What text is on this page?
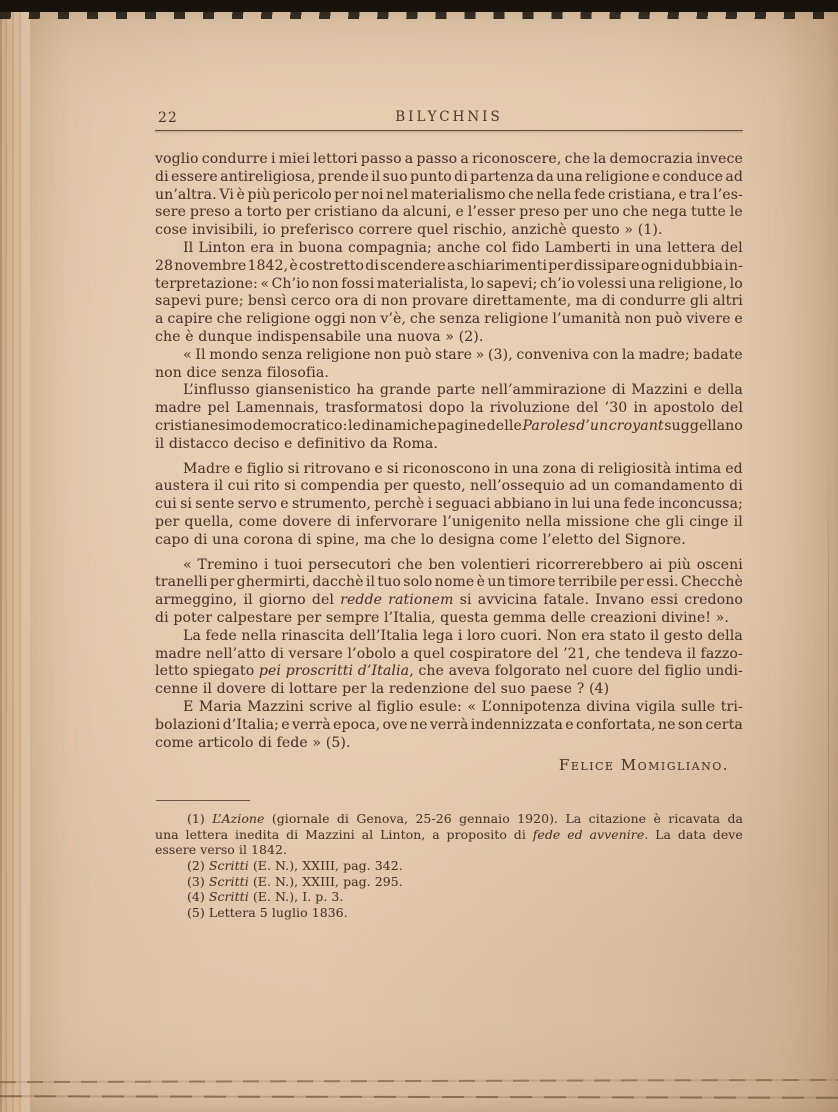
22	BILYCHNIS
voglio condurre i miei lettori passo a passo a riconoscere, che la democrazia invece
di essere antireligiosa, prende il suo punto di partenza da una religione e conduce ad
un’altra. Vi è più pericolo per noi nel materialismo che nella fede cristiana, e tra l’es-
sere preso a torto per cristiano da alcuni, e l’esser preso per uno che nega tutte le
cose invisibili, io preferisco correre quel rischio, anzichè questo » (1).
Il Linton era in buona compagnia; anche col fido Lamberti in una lettera del
28 novembre 1842, è costretto di scendere a schiarimenti per dissipare ogni dubbia in-
terpretazione: « Ch’io non fossi materialista, lo sapevi; ch’io volessi una religione, lo
sapevi pure; bensì cerco ora di non provare direttamente, ma di condurre gli altri
a capire che religione oggi non v’è, che senza religione l’umanità non può vivere e
che è dunque indispensabile una nuova » (2).
« Il mondo senza religione non può stare » (3), conveniva con la madre; badate
non dice senza filosofia.
L’influsso giansenistico ha grande parte nell’ammirazione di Mazzini e della
madre pel Lamennais, trasformatosi dopo la rivoluzione del ’30 in apostolo del
cristianesimo democratico: le dinamiche pagine delle Paroles d’un croyant suggellano
il distacco deciso e definitivo da Roma.
Madre e figlio si ritrovano e si riconoscono in una zona di religiosità intima ed
austera il cui rito si compendia per questo, nell’ossequio ad un comandamento di
cui si sente servo e strumento, perchè i seguaci abbiano in lui una fede inconcussa;
per quella, come dovere di infervorare l’unigenito nella missione che gli cinge il
capo di una corona di spine, ma che lo designa come l’eletto del Signore.
« Tremino i tuoi persecutori che ben volentieri ricorrerebbero ai più osceni
tranelli per ghermirti, dacchè il tuo solo nome è un timore terribile per essi. Checchè
armeggino, il giorno del redde rationem si avvicina fatale. Invano essi credono
di poter calpestare per sempre l’Italia, questa gemma delle creazioni divine! ».
La fede nella rinascita dell’Italia lega i loro cuori. Non era stato il gesto della
madre nell’atto di versare l’obolo a quel cospiratore del ’21, che tendeva il fazzo-
letto spiegato pei proscritti d’Italia, che aveva folgorato nel cuore del figlio undi-
cenne il dovere di lottare per la redenzione del suo paese ? (4)
E Maria Mazzini scrive al figlio esule: « L’onnipotenza divina vigila sulle tri-
bolazioni d’Italia; e verrà epoca, ove ne verrà indennizzata e confortata, ne son certa
come articolo di fede » (5).
Felice Momigliano.
(1) L’Azione (giornale di Genova, 25-26 gennaio 1920). La citazione è ricavata da
una lettera inedita di Mazzini al Linton, a proposito di fede ed avvenire. La data deve
essere verso il 1842.
(2) Scritti (E. N.), XXIII, pag. 342.
(3) Scritti (E. N.), XXIII, pag. 295.
(4) Scritti (E. N.), I. p. 3.
(5) Lettera 5 luglio 1836.
